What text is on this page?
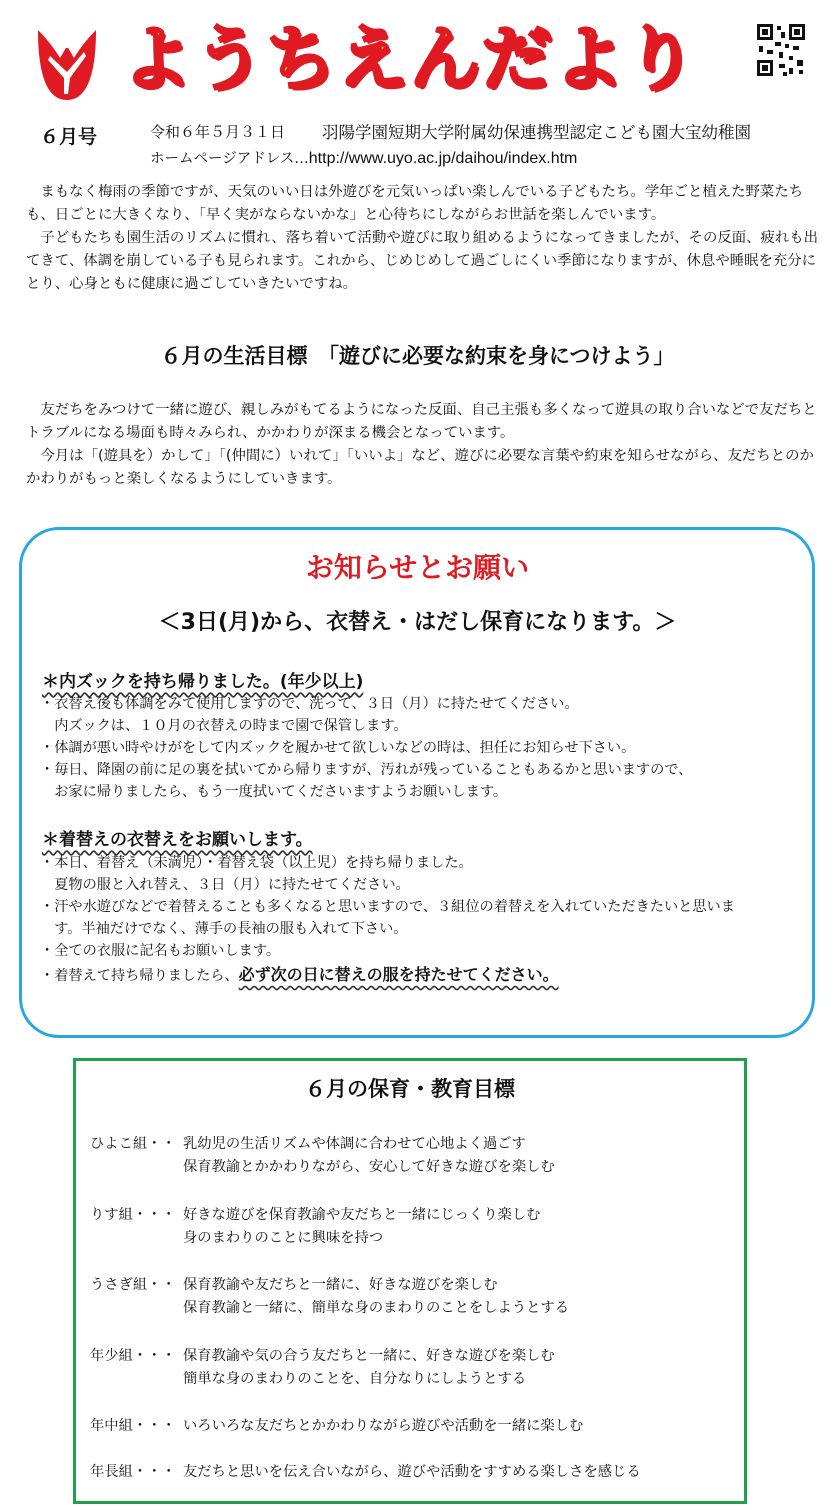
ようちえんだより
６月号	令和６年５月３１日 羽陽学園短期大学附属幼保連携型認定こども園大宝幼稚園
ホームページアドレス…http://www.uyo.ac.jp/daihou/index.htm
　まもなく梅雨の季節ですが、天気のいい日は外遊びを元気いっぱい楽しんでいる子どもたち。学年ごと植えた野菜たちも、日ごとに大きくなり、「早く実がならないかな」と心待ちにしながらお世話を楽しんでいます。
　子どもたちも園生活のリズムに慣れ、落ち着いて活動や遊びに取り組めるようになってきましたが、その反面、疲れも出てきて、体調を崩している子も見られます。これから、じめじめして過ごしにくい季節になりますが、休息や睡眠を充分にとり、心身ともに健康に過ごしていきたいですね。
６月の生活目標　「遊びに必要な約束を身につけよう」
　友だちをみつけて一緒に遊び、親しみがもてるようになった反面、自己主張も多くなって遊具の取り合いなどで友だちとトラブルになる場面も時々みられ、かかわりが深まる機会となっています。
　今月は「(遊具を）かして」「(仲間に）いれて」「いいよ」など、遊びに必要な言葉や約束を知らせながら、友だちとのかかわりがもっと楽しくなるようにしていきます。
お知らせとお願い
＜3日(月)から、衣替え・はだし保育になります。＞
＊内ズックを持ち帰りました。(年少以上)
・衣替え後も体調をみて使用しますので、洗って、３日（月）に持たせてください。
　内ズックは、１０月の衣替えの時まで園で保管します。
・体調が悪い時やけがをして内ズックを履かせて欲しいなどの時は、担任にお知らせ下さい。
・毎日、降園の前に足の裏を拭いてから帰りますが、汚れが残っていることもあるかと思いますので、
　お家に帰りましたら、もう一度拭いてくださいますようお願いします。
＊着替えの衣替えをお願いします。
・本日、着替え（未満児）・着替え袋（以上児）を持ち帰りました。
　夏物の服と入れ替え、３日（月）に持たせてください。
・汗や水遊びなどで着替えることも多くなると思いますので、３組位の着替えを入れていただきたいと思いま
　す。半袖だけでなく、薄手の長袖の服も入れて下さい。
・全ての衣服に記名もお願いします。
・着替えて持ち帰りましたら、必ず次の日に替えの服を持たせてください。
６月の保育・教育目標
ひよこ組・・ 乳幼児の生活リズムや体調に合わせて心地よく過ごす
保育教諭とかかわりながら、安心して好きな遊びを楽しむ
りす組・・・ 好きな遊びを保育教諭や友だちと一緒にじっくり楽しむ
身のまわりのことに興味を持つ
うさぎ組・・ 保育教諭や友だちと一緒に、好きな遊びを楽しむ
保育教諭と一緒に、簡単な身のまわりのことをしようとする
年少組・・・ 保育教諭や気の合う友だちと一緒に、好きな遊びを楽しむ
簡単な身のまわりのことを、自分なりにしようとする
年中組・・・ いろいろな友だちとかかわりながら遊びや活動を一緒に楽しむ
年長組・・・ 友だちと思いを伝え合いながら、遊びや活動をすすめる楽しさを感じる
